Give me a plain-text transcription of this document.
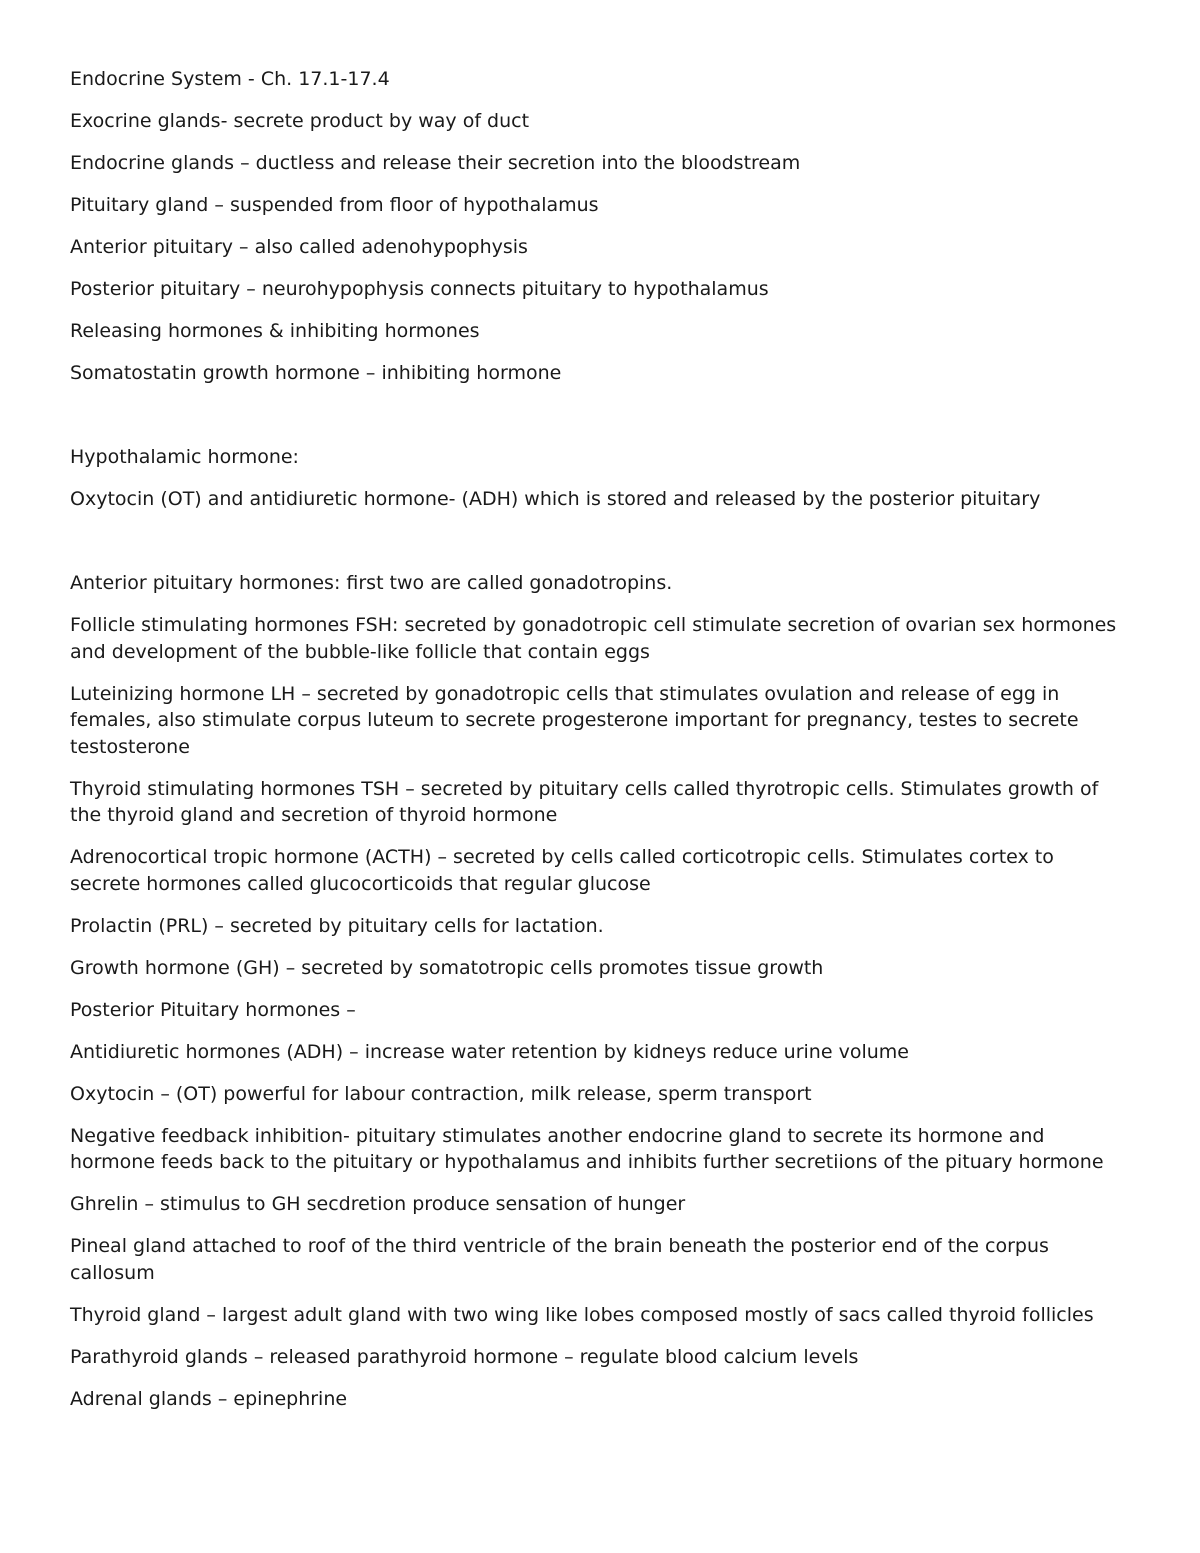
Endocrine System - Ch. 17.1-17.4

Exocrine glands- secrete product by way of duct

Endocrine glands – ductless and release their secretion into the bloodstream

Pituitary gland – suspended from floor of hypothalamus

Anterior pituitary – also called adenohypophysis

Posterior pituitary – neurohypophysis connects pituitary to hypothalamus

Releasing hormones & inhibiting hormones

Somatostatin growth hormone – inhibiting hormone

Hypothalamic hormone:

Oxytocin (OT) and antidiuretic hormone- (ADH) which is stored and released by the posterior pituitary

Anterior pituitary hormones: first two are called gonadotropins.

Follicle stimulating hormones FSH: secreted by gonadotropic cell stimulate secretion of ovarian sex hormones and development of the bubble-like follicle that contain eggs

Luteinizing hormone LH – secreted by gonadotropic cells that stimulates ovulation and release of egg in females, also stimulate corpus luteum to secrete progesterone important for pregnancy, testes to secrete testosterone

Thyroid stimulating hormones TSH – secreted by pituitary cells called thyrotropic cells. Stimulates growth of the thyroid gland and secretion of thyroid hormone

Adrenocortical tropic hormone (ACTH) – secreted by cells called corticotropic cells. Stimulates cortex to secrete hormones called glucocorticoids that regular glucose

Prolactin (PRL) – secreted by pituitary cells for lactation.

Growth hormone (GH) – secreted by somatotropic cells promotes tissue growth

Posterior Pituitary hormones –

Antidiuretic hormones (ADH) – increase water retention by kidneys reduce urine volume

Oxytocin – (OT) powerful for labour contraction, milk release, sperm transport

Negative feedback inhibition- pituitary stimulates another endocrine gland to secrete its hormone and hormone feeds back to the pituitary or hypothalamus and inhibits further secretiions of the pituary hormone

Ghrelin – stimulus to GH secdretion produce sensation of hunger

Pineal gland attached to roof of the third ventricle of the brain beneath the posterior end of the corpus callosum

Thyroid gland – largest adult gland with two wing like lobes composed mostly of sacs called thyroid follicles

Parathyroid glands – released parathyroid hormone – regulate blood calcium levels

Adrenal glands – epinephrine
